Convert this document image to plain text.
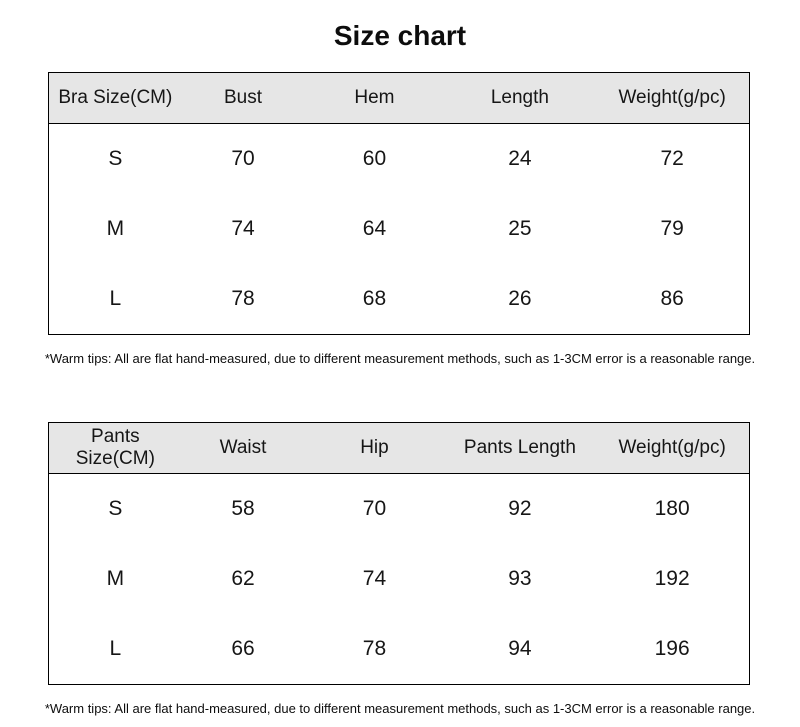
Size chart
Bra Size(CM)	Bust	Hem	Length	Weight(g/pc)
S	70	60	24	72
M	74	64	25	79
L	78	68	26	86

*Warm tips: All are flat hand-measured, due to different measurement methods, such as 1-3CM error is a reasonable range.

Pants Size(CM)	Waist	Hip	Pants Length	Weight(g/pc)
S	58	70	92	180
M	62	74	93	192
L	66	78	94	196

*Warm tips: All are flat hand-measured, due to different measurement methods, such as 1-3CM error is a reasonable range.
